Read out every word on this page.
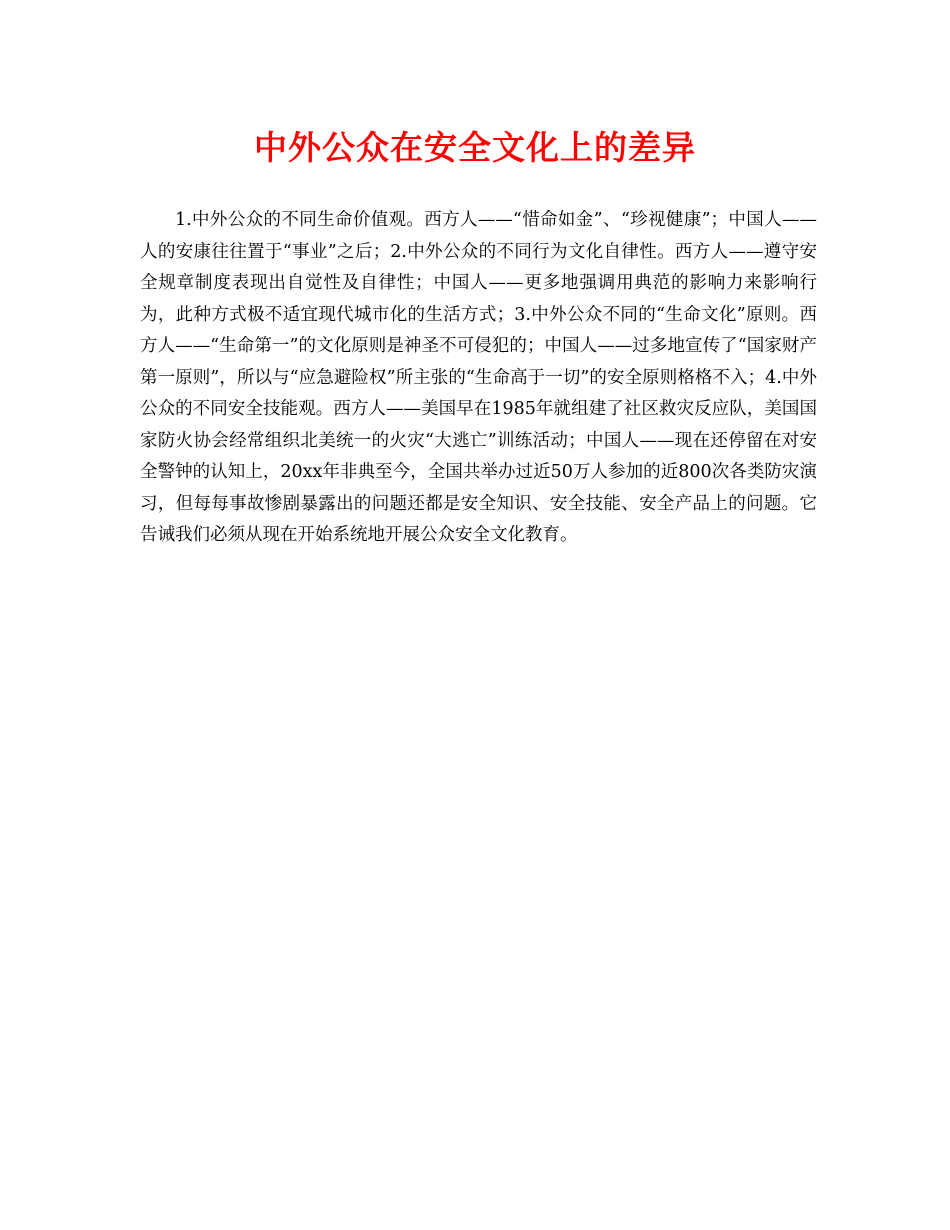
中外公众在安全文化上的差异

1.中外公众的不同生命价值观。西方人——“惜命如金”、“珍视健康”；中国人——人的安康往往置于“事业”之后；2.中外公众的不同行为文化自律性。西方人——遵守安全规章制度表现出自觉性及自律性；中国人——更多地强调用典范的影响力来影响行为，此种方式极不适宜现代城市化的生活方式；3.中外公众不同的“生命文化”原则。西方人——“生命第一”的文化原则是神圣不可侵犯的；中国人——过多地宣传了“国家财产第一原则”，所以与“应急避险权”所主张的“生命高于一切”的安全原则格格不入；4.中外公众的不同安全技能观。西方人——美国早在1985年就组建了社区救灾反应队，美国国家防火协会经常组织北美统一的火灾“大逃亡”训练活动；中国人——现在还停留在对安全警钟的认知上，20xx年非典至今，全国共举办过近50万人参加的近800次各类防灾演习，但每每事故惨剧暴露出的问题还都是安全知识、安全技能、安全产品上的问题。它告诫我们必须从现在开始系统地开展公众安全文化教育。
